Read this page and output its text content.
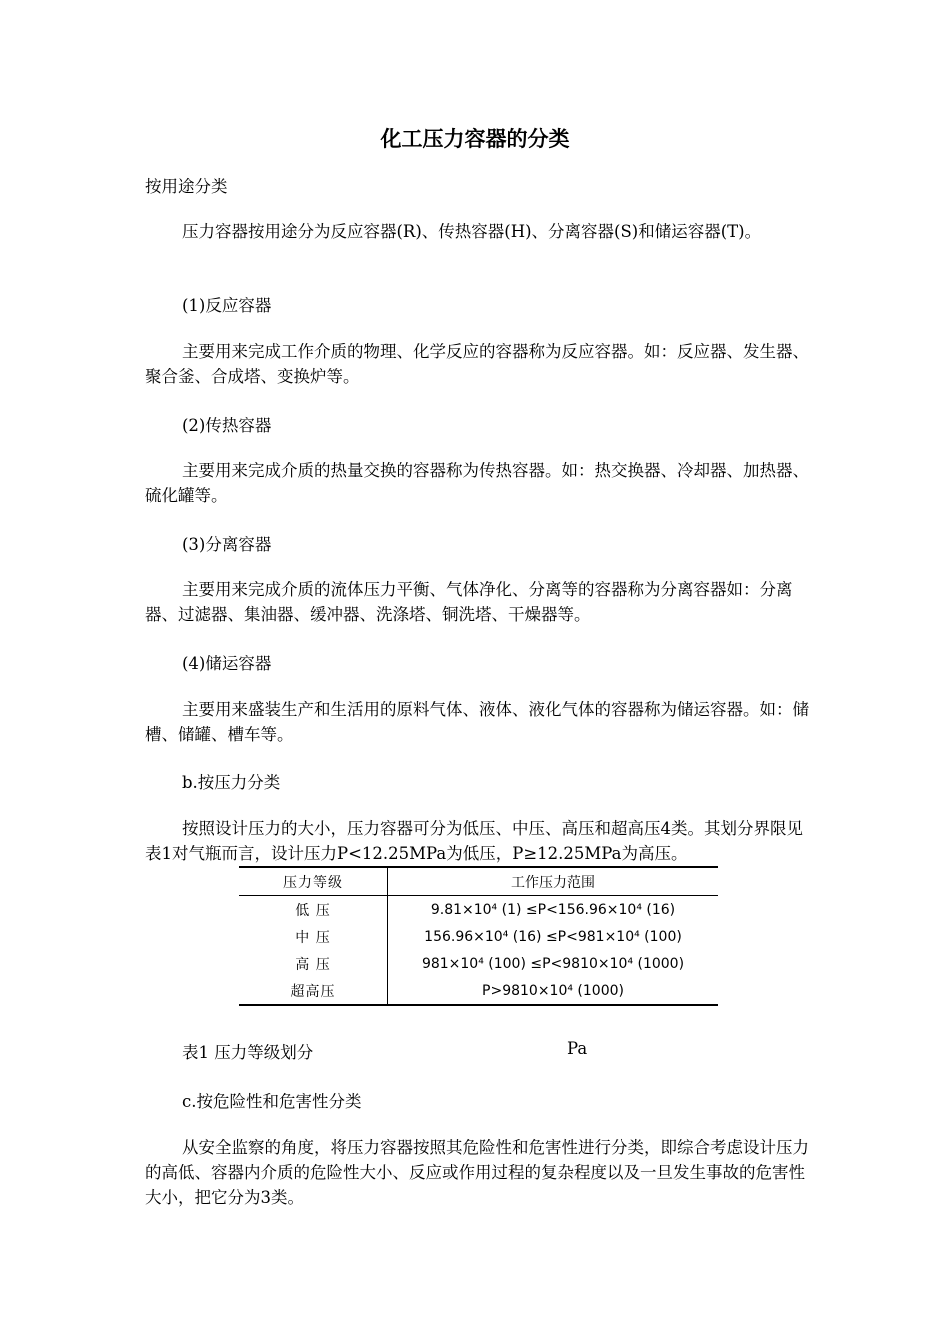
化工压力容器的分类
按用途分类

压力容器按用途分为反应容器(R)、传热容器(H)、分离容器(S)和储运容器(T)。

(1)反应容器

主要用来完成工作介质的物理、化学反应的容器称为反应容器。如：反应器、发生器、聚合釜、合成塔、变换炉等。

(2)传热容器

主要用来完成介质的热量交换的容器称为传热容器。如：热交换器、冷却器、加热器、硫化罐等。

(3)分离容器

主要用来完成介质的流体压力平衡、气体净化、分离等的容器称为分离容器如：分离器、过滤器、集油器、缓冲器、洗涤塔、铜洗塔、干燥器等。

(4)储运容器

主要用来盛装生产和生活用的原料气体、液体、液化气体的容器称为储运容器。如：储槽、储罐、槽车等。

b.按压力分类

按照设计压力的大小，压力容器可分为低压、中压、高压和超高压4类。其划分界限见表1对气瓶而言，设计压力P<12.25MPa为低压，P≥12.25MPa为高压。

压力等级	工作压力范围
低 压	9.81×10⁴ (1) ≤P<156.96×10⁴ (16)
中 压	156.96×10⁴ (16) ≤P<981×10⁴ (100)
高 压	981×10⁴ (100) ≤P<9810×10⁴ (1000)
超高压	P>9810×10⁴ (1000)
表1 压力等级划分	Pa
c.按危险性和危害性分类

从安全监察的角度，将压力容器按照其危险性和危害性进行分类，即综合考虑设计压力的高低、容器内介质的危险性大小、反应或作用过程的复杂程度以及一旦发生事故的危害性大小，把它分为3类。
